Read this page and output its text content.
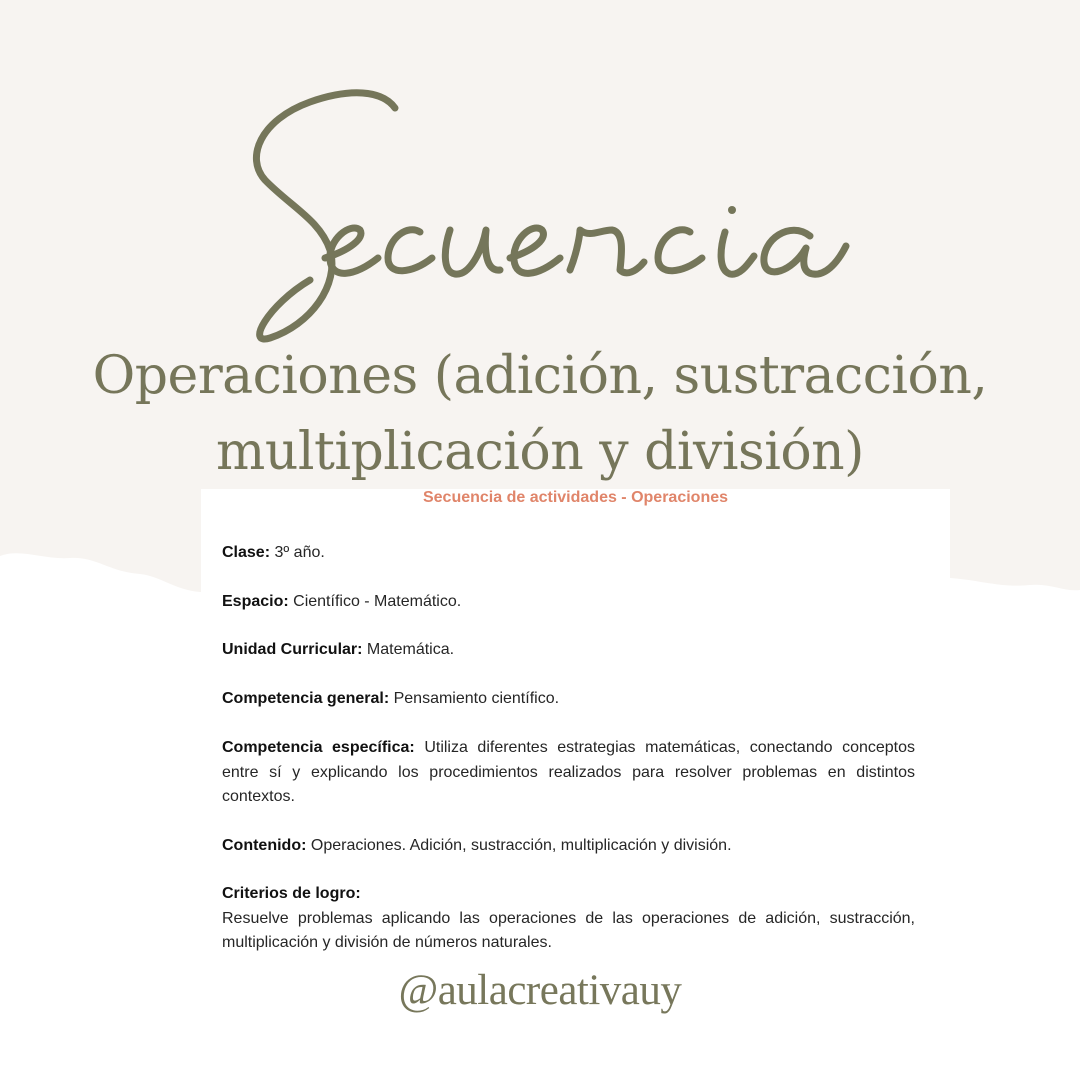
Operaciones (adición, sustracción,
multiplicación y división)
Secuencia de actividades - Operaciones
Clase: 3º año.
Espacio: Científico - Matemático.
Unidad Curricular: Matemática.
Competencia general: Pensamiento científico.
Competencia específica: Utiliza diferentes estrategias matemáticas, conectando conceptos entre sí y explicando los procedimientos realizados para resolver problemas en distintos contextos.
Contenido: Operaciones. Adición, sustracción, multiplicación y división.
Criterios de logro:
Resuelve problemas aplicando las operaciones de las operaciones de adición, sustracción, multiplicación y división de números naturales.
@aulacreativauy
